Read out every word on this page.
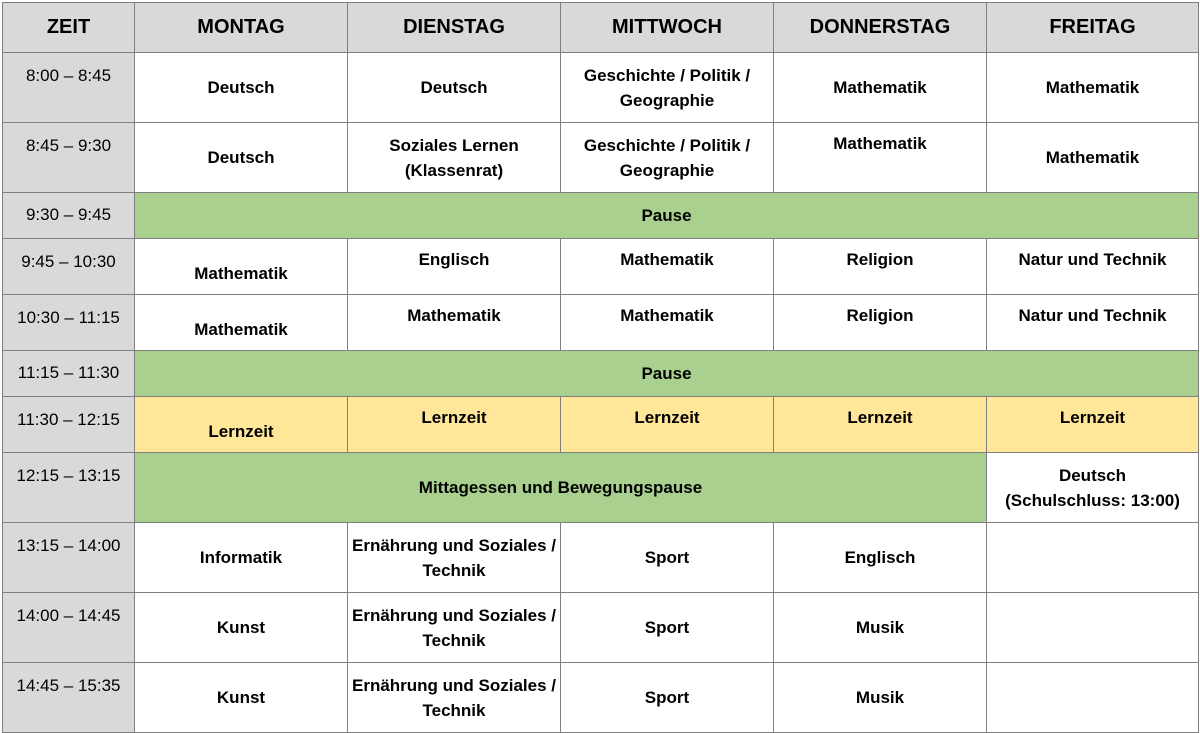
ZEIT	MONTAG	DIENSTAG	MITTWOCH	DONNERSTAG	FREITAG
8:00 – 8:45	Deutsch	Deutsch	Geschichte / Politik / Geographie	Mathematik	Mathematik
8:45 – 9:30	Deutsch	Soziales Lernen (Klassenrat)	Geschichte / Politik / Geographie	Mathematik	Mathematik
9:30 – 9:45	Pause				
9:45 – 10:30	Mathematik	Englisch	Mathematik	Religion	Natur und Technik
10:30 – 11:15	Mathematik	Mathematik	Mathematik	Religion	Natur und Technik
11:15 – 11:30	Pause				
11:30 – 12:15	Lernzeit	Lernzeit	Lernzeit	Lernzeit	Lernzeit
12:15 – 13:15	Mittagessen und Bewegungspause				Deutsch
(Schulschluss: 13:00)

13:15 – 14:00	Informatik	Ernährung und Soziales / Technik	Sport	Englisch	
14:00 – 14:45	Kunst	Ernährung und Soziales / Technik	Sport	Musik	
14:45 – 15:35	Kunst	Ernährung und Soziales / Technik	Sport	Musik	
